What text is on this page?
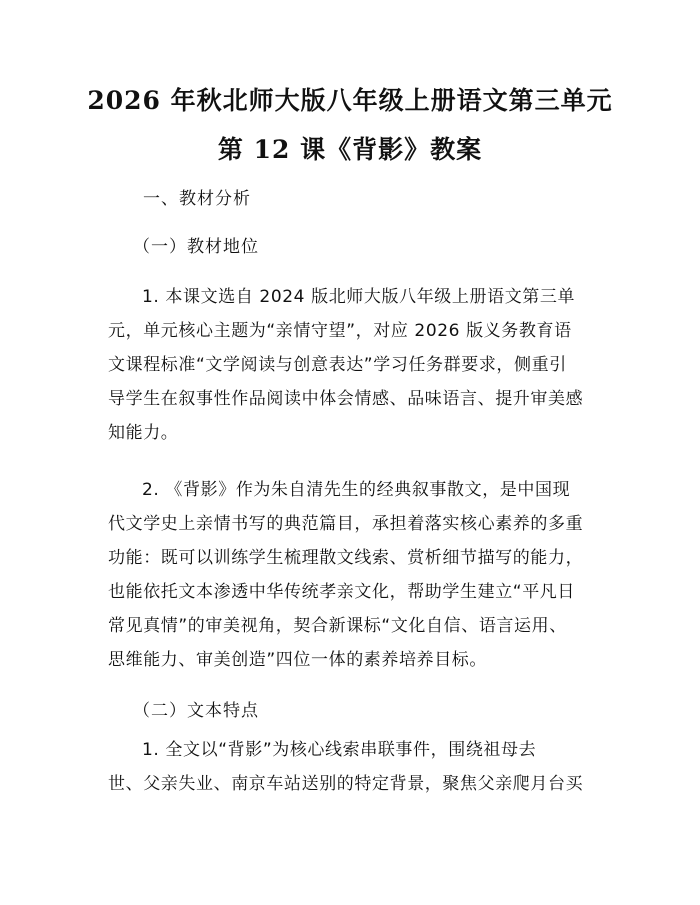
2026 年秋北师大版八年级上册语文第三单元
第 12 课《背影》教案
一、教材分析
（一）教材地位
1. 本课文选自 2024 版北师大版八年级上册语文第三单
元，单元核心主题为“亲情守望”，对应 2026 版义务教育语
文课程标准“文学阅读与创意表达”学习任务群要求，侧重引
导学生在叙事性作品阅读中体会情感、品味语言、提升审美感
知能力。
2. 《背影》作为朱自清先生的经典叙事散文，是中国现
代文学史上亲情书写的典范篇目，承担着落实核心素养的多重
功能：既可以训练学生梳理散文线索、赏析细节描写的能力，
也能依托文本渗透中华传统孝亲文化，帮助学生建立“平凡日
常见真情”的审美视角，契合新课标“文化自信、语言运用、
思维能力、审美创造”四位一体的素养培养目标。
（二）文本特点
1. 全文以“背影”为核心线索串联事件，围绕祖母去
世、父亲失业、南京车站送别的特定背景，聚焦父亲爬月台买
